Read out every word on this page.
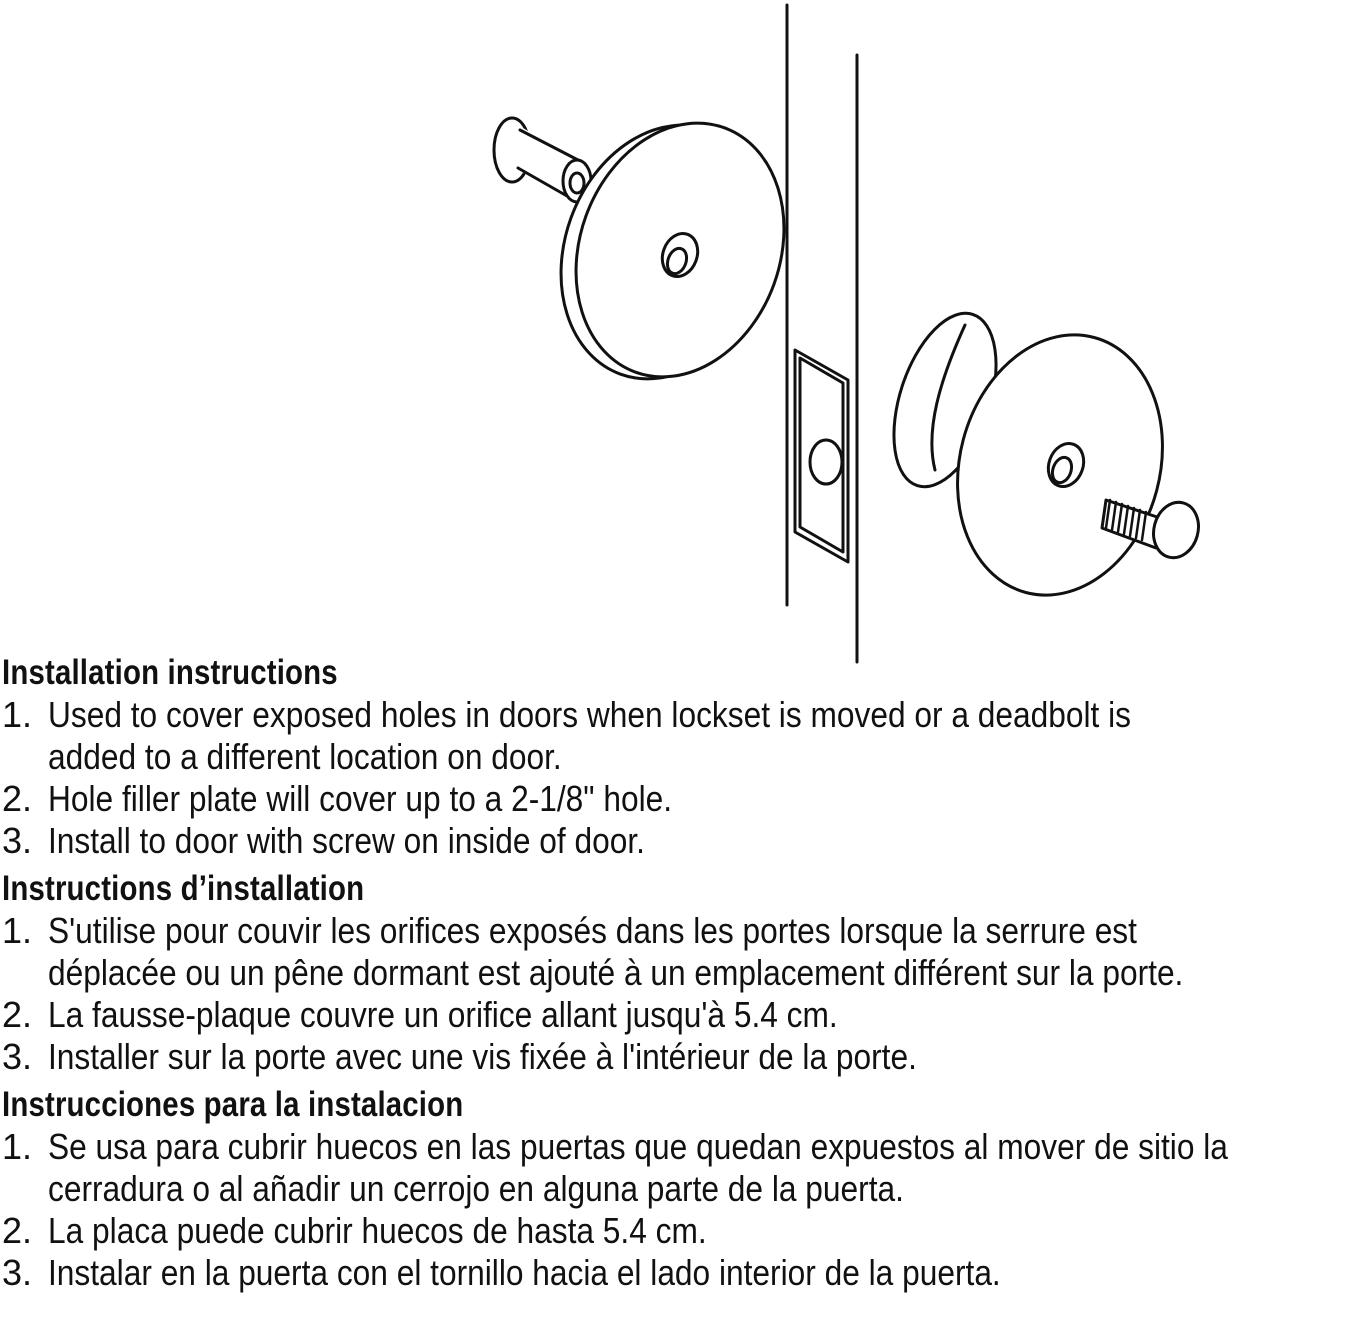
Installation instructions
1. Used to cover exposed holes in doors when lockset is moved or a deadbolt is
added to a different location on door.
2. Hole filler plate will cover up to a 2-1/8" hole.
3. Install to door with screw on inside of door.
Instructions d’installation
1. S'utilise pour couvir les orifices exposés dans les portes lorsque la serrure est
déplacée ou un pêne dormant est ajouté à un emplacement différent sur la porte.
2. La fausse-plaque couvre un orifice allant jusqu'à 5.4 cm.
3. Installer sur la porte avec une vis fixée à l'intérieur de la porte.
Instrucciones para la instalacion
1. Se usa para cubrir huecos en las puertas que quedan expuestos al mover de sitio la
cerradura o al añadir un cerrojo en alguna parte de la puerta.
2. La placa puede cubrir huecos de hasta 5.4 cm.
3. Instalar en la puerta con el tornillo hacia el lado interior de la puerta.
